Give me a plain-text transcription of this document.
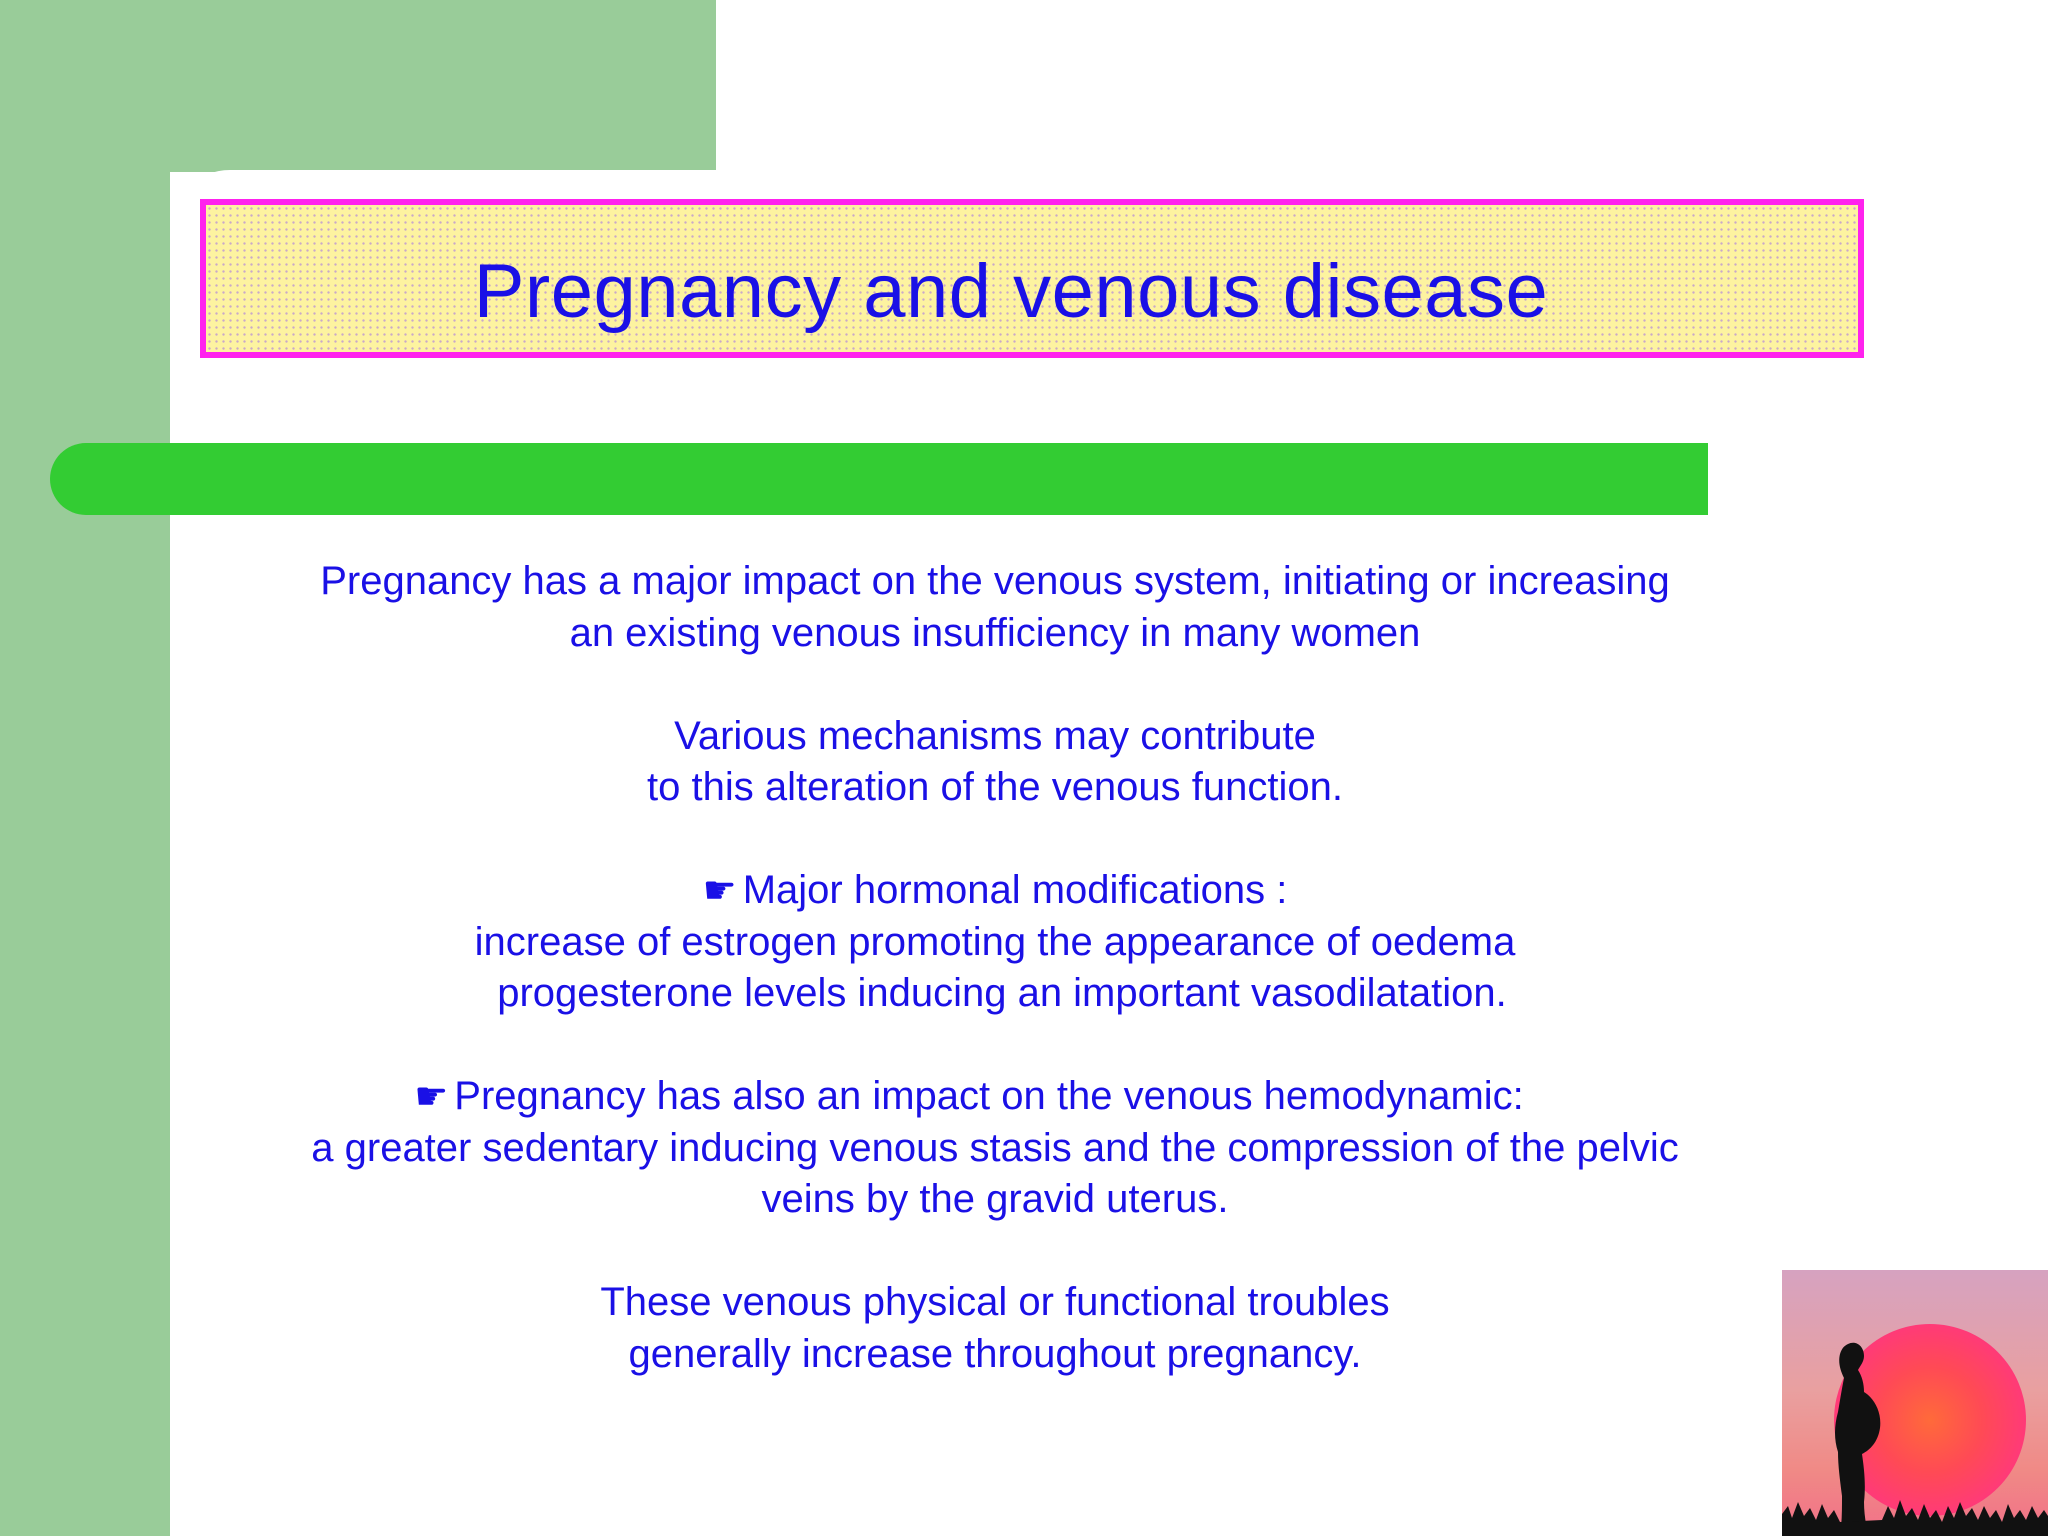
Pregnancy and venous disease

Pregnancy has a major impact on the venous system, initiating or increasing
an existing venous insufficiency in many women

Various mechanisms may contribute
to this alteration of the venous function.

☛ Major hormonal modifications :
increase of estrogen promoting the appearance of oedema
progesterone levels inducing an important vasodilatation.

☛ Pregnancy has also an impact on the venous hemodynamic:
a greater sedentary inducing venous stasis and the compression of the pelvic
veins by the gravid uterus.

These venous physical or functional troubles
generally increase throughout pregnancy.
